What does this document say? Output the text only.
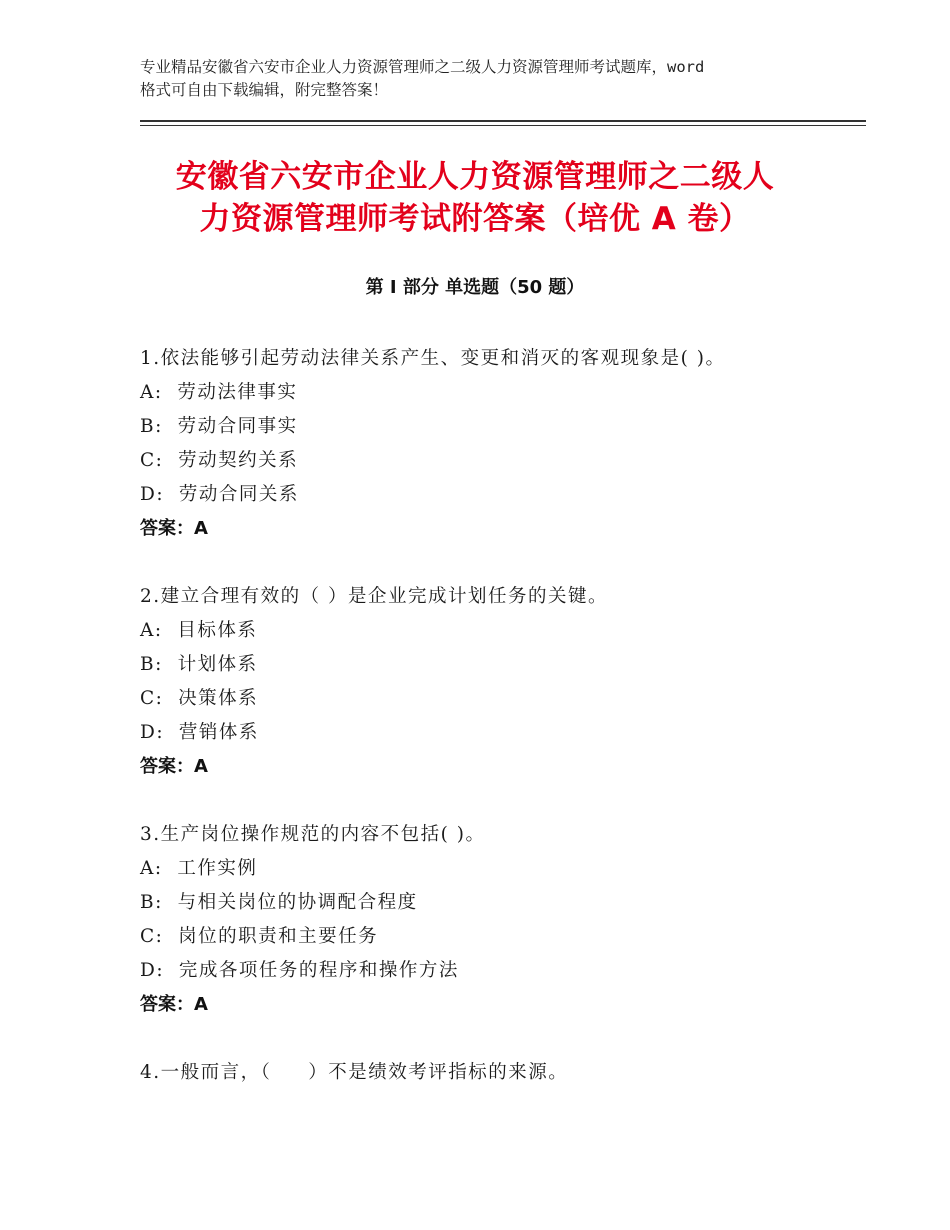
专业精品安徽省六安市企业人力资源管理师之二级人力资源管理师考试题库，word
格式可自由下载编辑，附完整答案！
安徽省六安市企业人力资源管理师之二级人
力资源管理师考试附答案（培优 A 卷）
第 I 部分 单选题（50 题）
1.依法能够引起劳动法律关系产生、变更和消灭的客观现象是( )。
A:  劳动法律事实
B:  劳动合同事实
C:  劳动契约关系
D:  劳动合同关系
答案：A
2.建立合理有效的（ ）是企业完成计划任务的关键。
A:  目标体系
B:  计划体系
C:  决策体系
D:  营销体系
答案：A
3.生产岗位操作规范的内容不包括( )。
A:  工作实例
B:  与相关岗位的协调配合程度
C:  岗位的职责和主要任务
D:  完成各项任务的程序和操作方法
答案：A
4.一般而言，（     ）不是绩效考评指标的来源。
